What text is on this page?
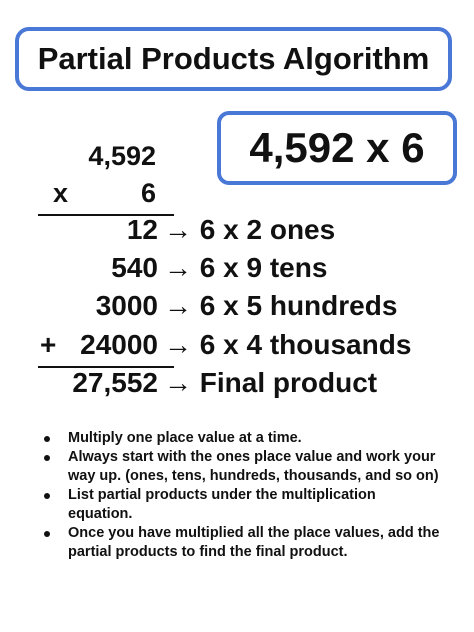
Partial Products Algorithm
4,592 x 6
4,592
x	6
12 → 6 x 2 ones
540 → 6 x 9 tens
3000 → 6 x 5 hundreds
+ 24000 → 6 x 4 thousands
27,552 → Final product
Multiply one place value at a time.
Always start with the ones place value and work your way up. (ones, tens, hundreds, thousands, and so on)
List partial products under the multiplication equation.
Once you have multiplied all the place values, add the partial products to find the final product.
